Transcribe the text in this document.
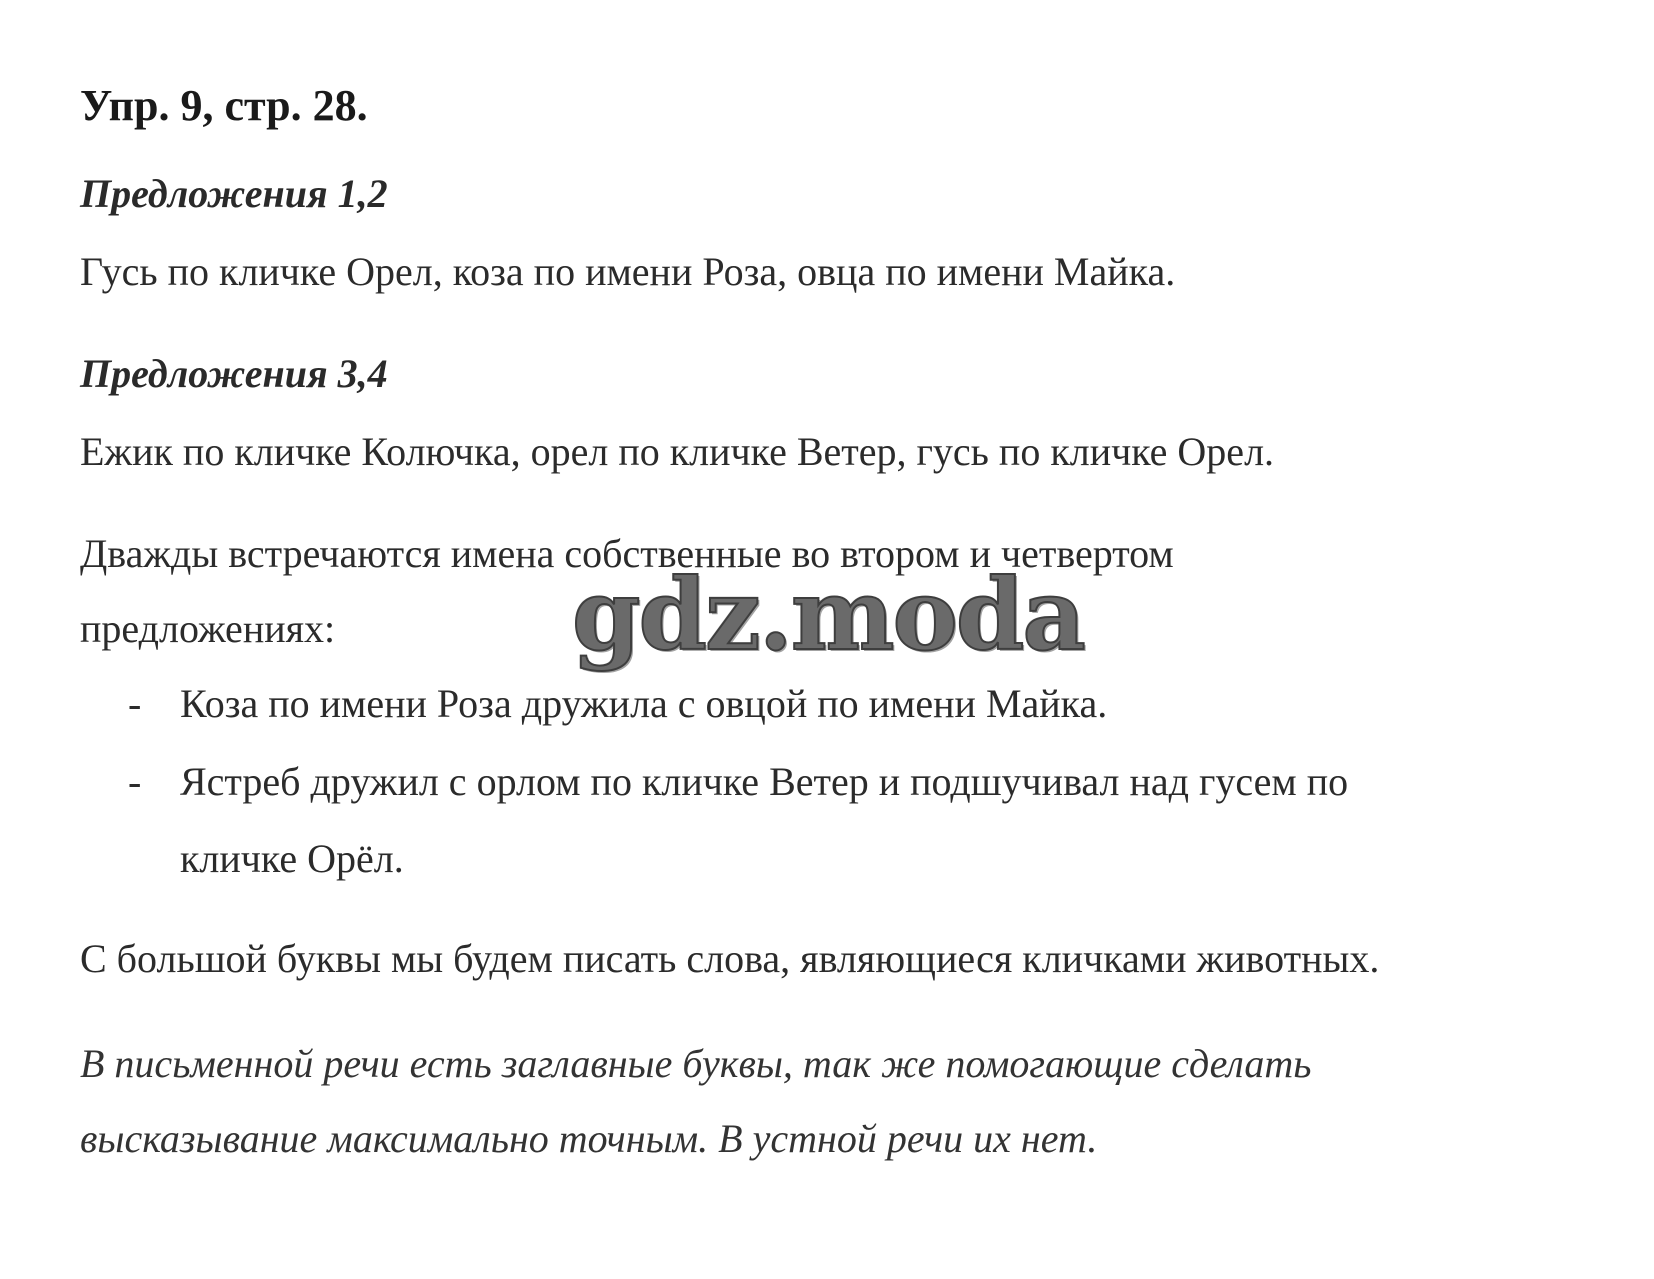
Упр. 9, стр. 28.
Предложения 1,2
Гусь по кличке Орел, коза по имени Роза, овца по имени Майка.
Предложения 3,4
Ежик по кличке Колючка, орел по кличке Ветер, гусь по кличке Орел.
Дважды встречаются имена собственные во втором и четвертом
предложениях:
- Коза по имени Роза дружила с овцой по имени Майка.
- Ястреб дружил с орлом по кличке Ветер и подшучивал над гусем по
кличке Орёл.
С большой буквы мы будем писать слова, являющиеся кличками животных.
В письменной речи есть заглавные буквы, так же помогающие сделать
высказывание максимально точным. В устной речи их нет.
gdz.moda
